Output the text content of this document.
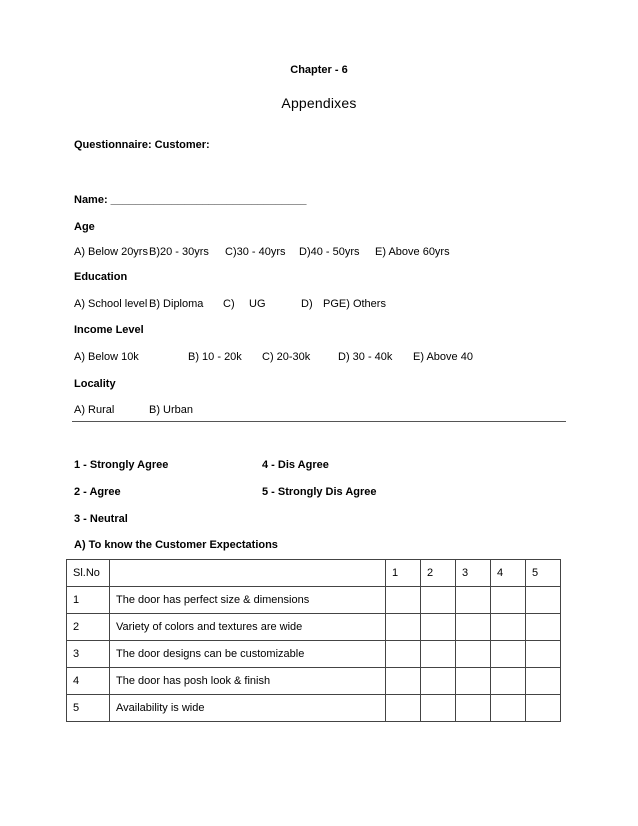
Chapter - 6
Appendixes
Questionnaire: Customer:
Name: ________________________________
Age
A) Below 20yrs B)20 - 30yrs C)30 - 40yrs D)40 - 50yrs E) Above 60yrs
Education
A) School level B) Diploma C) UG	D) PGE) Others
Income Level
A) Below 10k	B) 10 - 20k C) 20-30k	D) 30 - 40k E) Above 40
Locality
A) Rural	B) Urban
1 - Strongly Agree	4 - Dis Agree
2 - Agree	5 - Strongly Dis Agree
3 - Neutral
A) To know the Customer Expectations
Sl.No		1	2	3	4	5
1	The door has perfect size & dimensions					
2	Variety of colors and textures are wide					
3	The door designs can be customizable					
4	The door has posh look & finish					
5	Availability is wide					
